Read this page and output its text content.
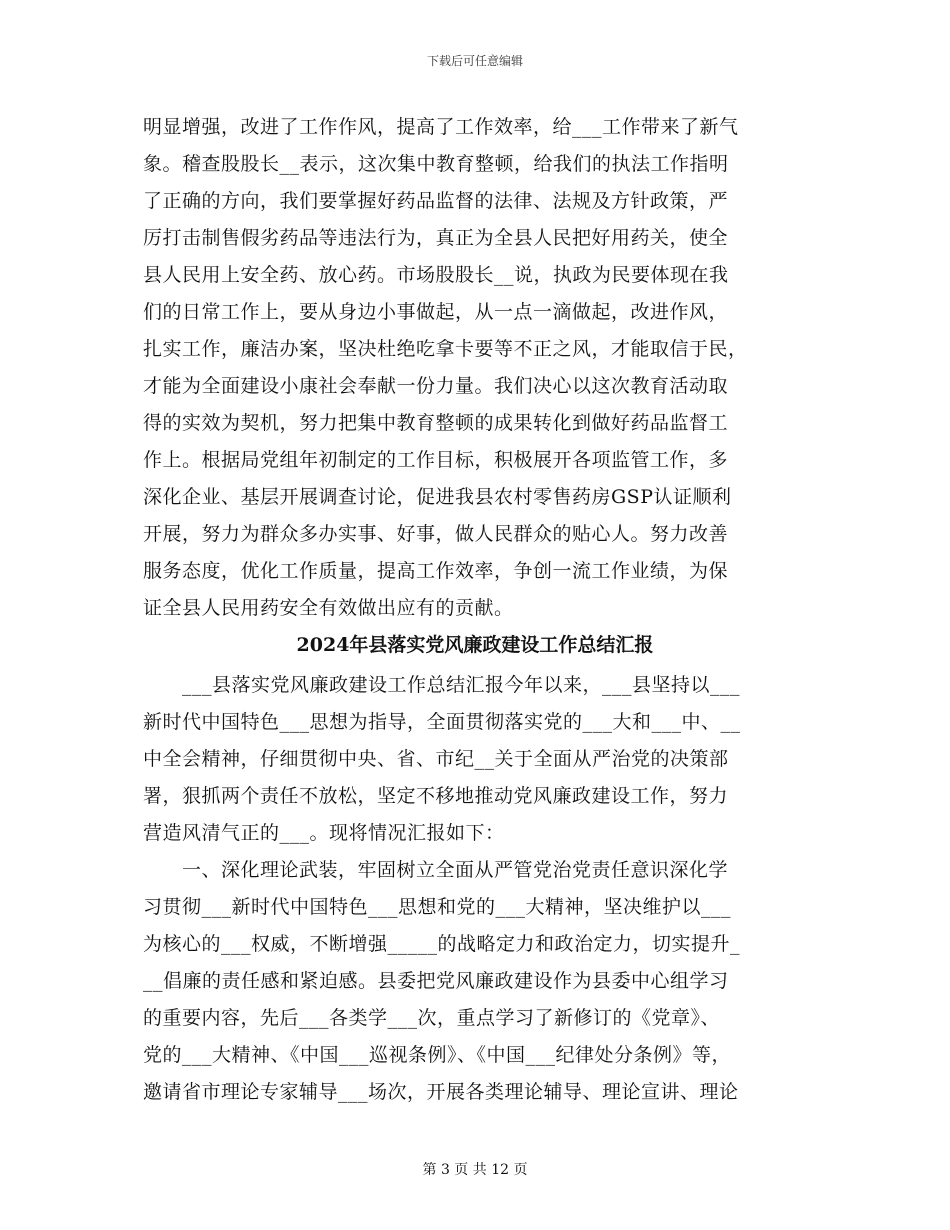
下载后可任意编辑
明显增强，改进了工作作风，提高了工作效率，给___工作带来了新气
象。稽查股股长__表示，这次集中教育整顿，给我们的执法工作指明
了正确的方向，我们要掌握好药品监督的法律、法规及方针政策，严
厉打击制售假劣药品等违法行为，真正为全县人民把好用药关，使全
县人民用上安全药、放心药。市场股股长__说，执政为民要体现在我
们的日常工作上，要从身边小事做起，从一点一滴做起，改进作风，
扎实工作，廉洁办案，坚决杜绝吃拿卡要等不正之风，才能取信于民，
才能为全面建设小康社会奉献一份力量。我们决心以这次教育活动取
得的实效为契机，努力把集中教育整顿的成果转化到做好药品监督工
作上。根据局党组年初制定的工作目标，积极展开各项监管工作，多
深化企业、基层开展调查讨论，促进我县农村零售药房GSP认证顺利
开展，努力为群众多办实事、好事，做人民群众的贴心人。努力改善
服务态度，优化工作质量，提高工作效率，争创一流工作业绩，为保
证全县人民用药安全有效做出应有的贡献。
2024年县落实党风廉政建设工作总结汇报
　　___县落实党风廉政建设工作总结汇报今年以来，___县坚持以___
新时代中国特色___思想为指导，全面贯彻落实党的___大和___中、__
中全会精神，仔细贯彻中央、省、市纪__关于全面从严治党的决策部
署，狠抓两个责任不放松，坚定不移地推动党风廉政建设工作，努力
营造风清气正的___。现将情况汇报如下：
　　一、深化理论武装，牢固树立全面从严管党治党责任意识深化学
习贯彻___新时代中国特色___思想和党的___大精神，坚决维护以___
为核心的___权威，不断增强_____的战略定力和政治定力，切实提升_
__倡廉的责任感和紧迫感。县委把党风廉政建设作为县委中心组学习
的重要内容，先后___各类学___次，重点学习了新修订的《党章》、
党的___大精神、《中国___巡视条例》、《中国___纪律处分条例》等，
邀请省市理论专家辅导___场次，开展各类理论辅导、理论宣讲、理论
第 3 页 共 12 页
